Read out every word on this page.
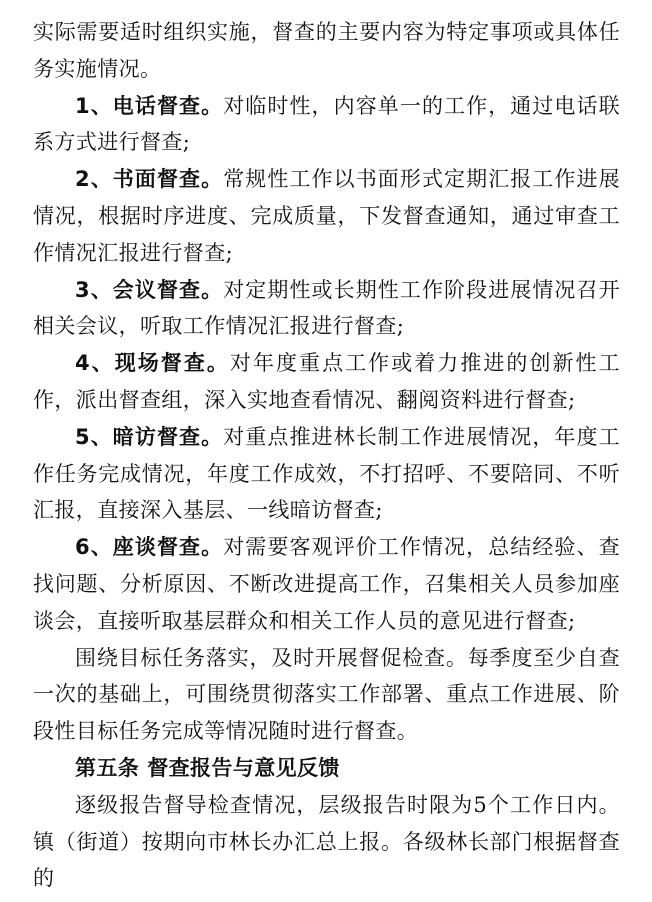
实际需要适时组织实施，督查的主要内容为特定事项或具体任务实施情况。

1、电话督查。对临时性，内容单一的工作，通过电话联系方式进行督查;

2、书面督查。常规性工作以书面形式定期汇报工作进展情况，根据时序进度、完成质量，下发督查通知，通过审查工作情况汇报进行督查;

3、会议督查。对定期性或长期性工作阶段进展情况召开相关会议，听取工作情况汇报进行督查;

4、现场督查。对年度重点工作或着力推进的创新性工作，派出督查组，深入实地查看情况、翻阅资料进行督查;

5、暗访督查。对重点推进林长制工作进展情况，年度工作任务完成情况，年度工作成效，不打招呼、不要陪同、不听汇报，直接深入基层、一线暗访督查;

6、座谈督查。对需要客观评价工作情况，总结经验、查找问题、分析原因、不断改进提高工作，召集相关人员参加座谈会，直接听取基层群众和相关工作人员的意见进行督查;

围绕目标任务落实，及时开展督促检查。每季度至少自查一次的基础上，可围绕贯彻落实工作部署、重点工作进展、阶段性目标任务完成等情况随时进行督查。

第五条 督查报告与意见反馈

逐级报告督导检查情况，层级报告时限为5个工作日内。镇（街道）按期向市林长办汇总上报。各级林长部门根据督查的
